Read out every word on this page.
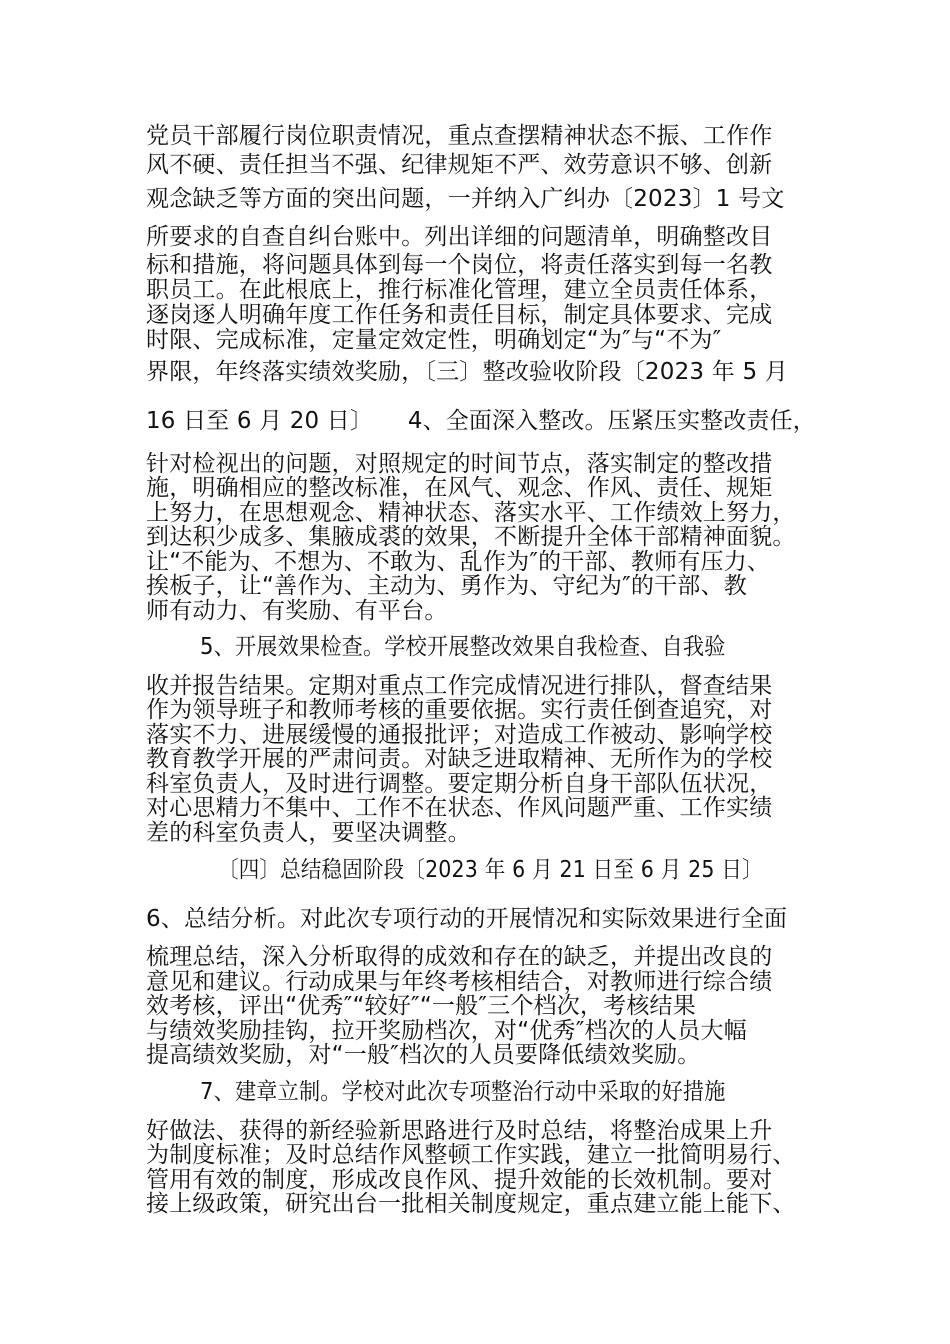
党员干部履行岗位职责情况，重点查摆精神状态不振、工作作
风不硬、责任担当不强、纪律规矩不严、效劳意识不够、创新
观念缺乏等方面的突出问题，一并纳入广纠办〔2023〕1 号文
所要求的自查自纠台账中。列出详细的问题清单，明确整改目
标和措施，将问题具体到每一个岗位，将责任落实到每一名教
职员工。在此根底上，推行标准化管理，建立全员责任体系，
逐岗逐人明确年度工作任务和责任目标，制定具体要求、完成
时限、完成标准，定量定效定性，明确划定“为″与“不为″
界限，年终落实绩效奖励，〔三〕整改验收阶段〔2023 年 5 月
16 日至 6 月 20 日〕　　4、全面深入整改。压紧压实整改责任，
针对检视出的问题，对照规定的时间节点，落实制定的整改措
施，明确相应的整改标准，在风气、观念、作风、责任、规矩
上努力，在思想观念、精神状态、落实水平、工作绩效上努力，
到达积少成多、集腋成裘的效果，不断提升全体干部精神面貌。
让“不能为、不想为、不敢为、乱作为″的干部、教师有压力、
挨板子，让“善作为、主动为、勇作为、守纪为″的干部、教
师有动力、有奖励、有平台。
5、开展效果检查。学校开展整改效果自我检查、自我验
收并报告结果。定期对重点工作完成情况进行排队，督查结果
作为领导班子和教师考核的重要依据。实行责任倒查追究，对
落实不力、进展缓慢的通报批评；对造成工作被动、影响学校
教育教学开展的严肃问责。对缺乏进取精神、无所作为的学校
科室负责人，及时进行调整。要定期分析自身干部队伍状况，
对心思精力不集中、工作不在状态、作风问题严重、工作实绩
差的科室负责人，要坚决调整。
〔四〕总结稳固阶段〔2023 年 6 月 21 日至 6 月 25 日〕
6、总结分析。对此次专项行动的开展情况和实际效果进行全面
梳理总结，深入分析取得的成效和存在的缺乏，并提出改良的
意见和建议。行动成果与年终考核相结合，对教师进行综合绩
效考核，评出“优秀″“较好″“一般″三个档次，考核结果
与绩效奖励挂钩，拉开奖励档次，对“优秀″档次的人员大幅
提高绩效奖励，对“一般″档次的人员要降低绩效奖励。
7、建章立制。学校对此次专项整治行动中采取的好措施
好做法、获得的新经验新思路进行及时总结，将整治成果上升
为制度标准；及时总结作风整顿工作实践，建立一批简明易行、
管用有效的制度，形成改良作风、提升效能的长效机制。要对
接上级政策，研究出台一批相关制度规定，重点建立能上能下、
